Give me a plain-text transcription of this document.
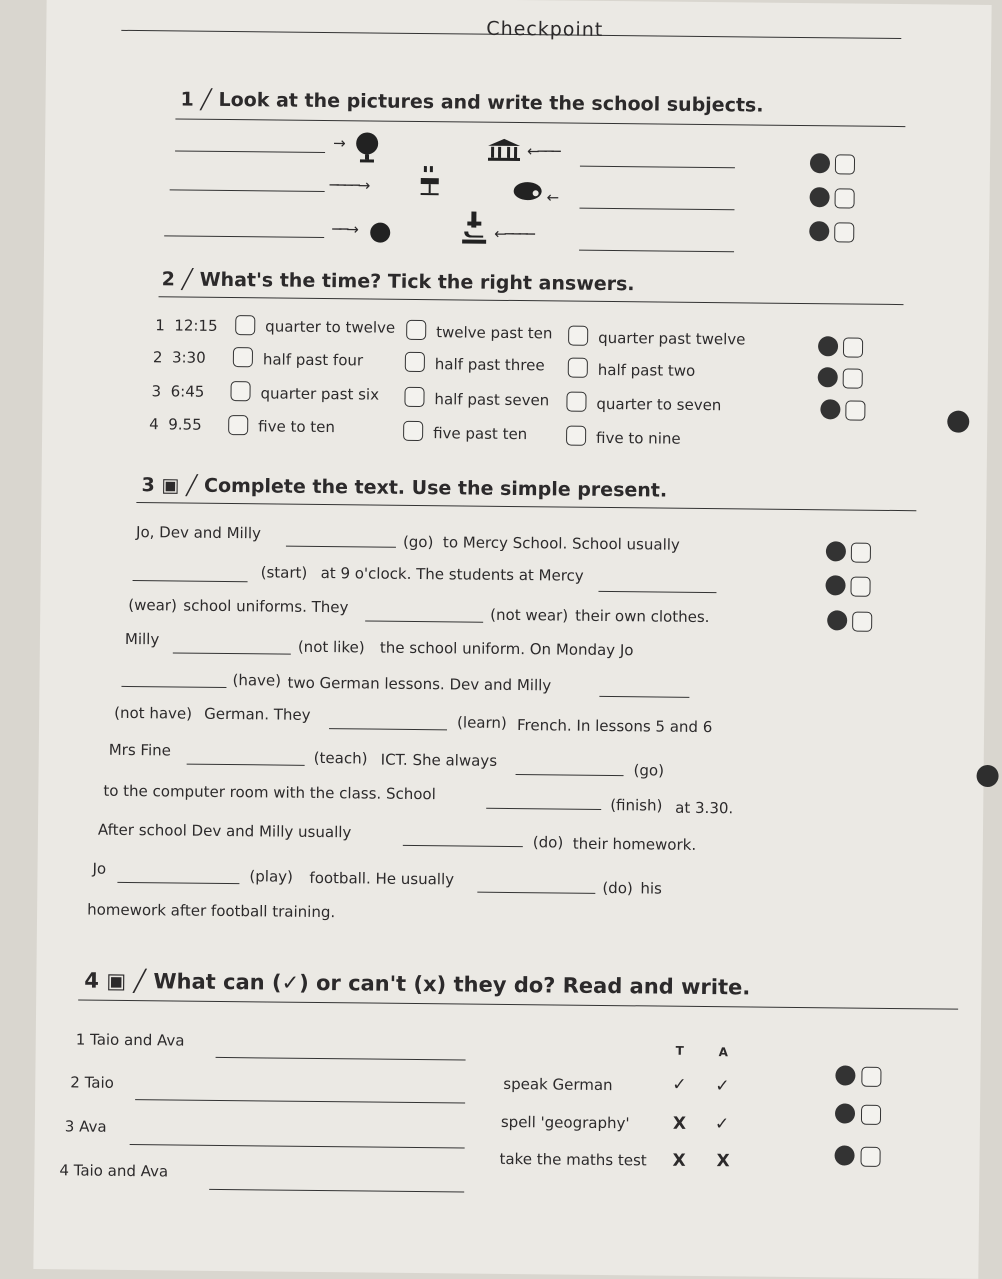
Checkpoint
1 ╱ Look at the pictures and write the school subjects.
→	←───
────→
←
──→	←────
2 ╱ What's the time? Tick the right answers.
1 12:15	quarter to twelve	twelve past ten	quarter past twelve
2 3:30	half past four	half past three	half past two
3 6:45	quarter past six	half past seven	quarter to seven
4 9.55	five to ten	five past ten	five to nine
3 ▣ ╱ Complete the text. Use the simple present.
Jo, Dev and Milly	(go) to Mercy School. School usually
(start) at 9 o'clock. The students at Mercy
(wear) school uniforms. They	(not wear) their own clothes.
Milly	(not like) the school uniform. On Monday Jo
(have) two German lessons. Dev and Milly
(not have) German. They	(learn) French. In lessons 5 and 6
Mrs Fine	(teach) ICT. She always
(go)
to the computer room with the class. School
(finish) at 3.30.
After school Dev and Milly usually
(do) their homework.
Jo	(play) football. He usually	(do) his
homework after football training.
4 ▣ ╱ What can (✓) or can't (x) they do? Read and write.
1 Taio and Ava
2 Taio
3 Ava
4 Taio and Ava
T	A
speak German	✓ ✓
spell 'geography'	X ✓
take the maths test X X
